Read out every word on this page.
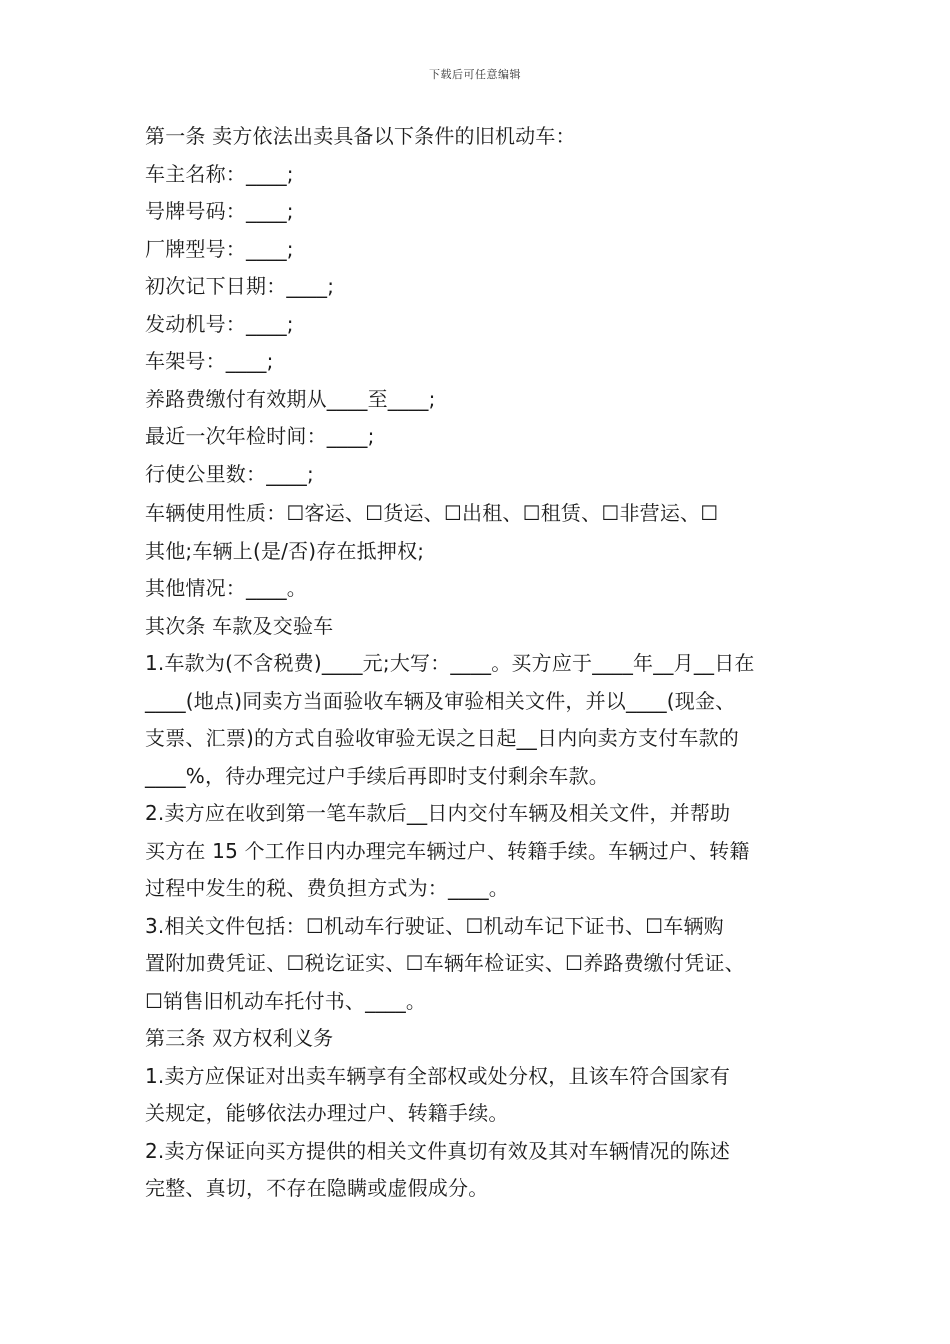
下载后可任意编辑
第一条 卖方依法出卖具备以下条件的旧机动车：
车主名称：____;
号牌号码：____;
厂牌型号：____;
初次记下日期：____;
发动机号：____;
车架号：____;
养路费缴付有效期从____至____;
最近一次年检时间：____;
行使公里数：____;
车辆使用性质：☐客运、☐货运、☐出租、☐租赁、☐非营运、☐
其他;车辆上(是/否)存在抵押权;
其他情况：____。
其次条 车款及交验车
1.车款为(不含税费)____元;大写：____。买方应于____年__月__日在
____(地点)同卖方当面验收车辆及审验相关文件，并以____(现金、
支票、汇票)的方式自验收审验无误之日起__日内向卖方支付车款的
____%，待办理完过户手续后再即时支付剩余车款。
2.卖方应在收到第一笔车款后__日内交付车辆及相关文件，并帮助
买方在 15 个工作日内办理完车辆过户、转籍手续。车辆过户、转籍
过程中发生的税、费负担方式为：____。
3.相关文件包括：☐机动车行驶证、☐机动车记下证书、☐车辆购
置附加费凭证、☐税讫证实、☐车辆年检证实、☐养路费缴付凭证、
☐销售旧机动车托付书、____。
第三条 双方权利义务
1.卖方应保证对出卖车辆享有全部权或处分权，且该车符合国家有
关规定，能够依法办理过户、转籍手续。
2.卖方保证向买方提供的相关文件真切有效及其对车辆情况的陈述
完整、真切，不存在隐瞒或虚假成分。
